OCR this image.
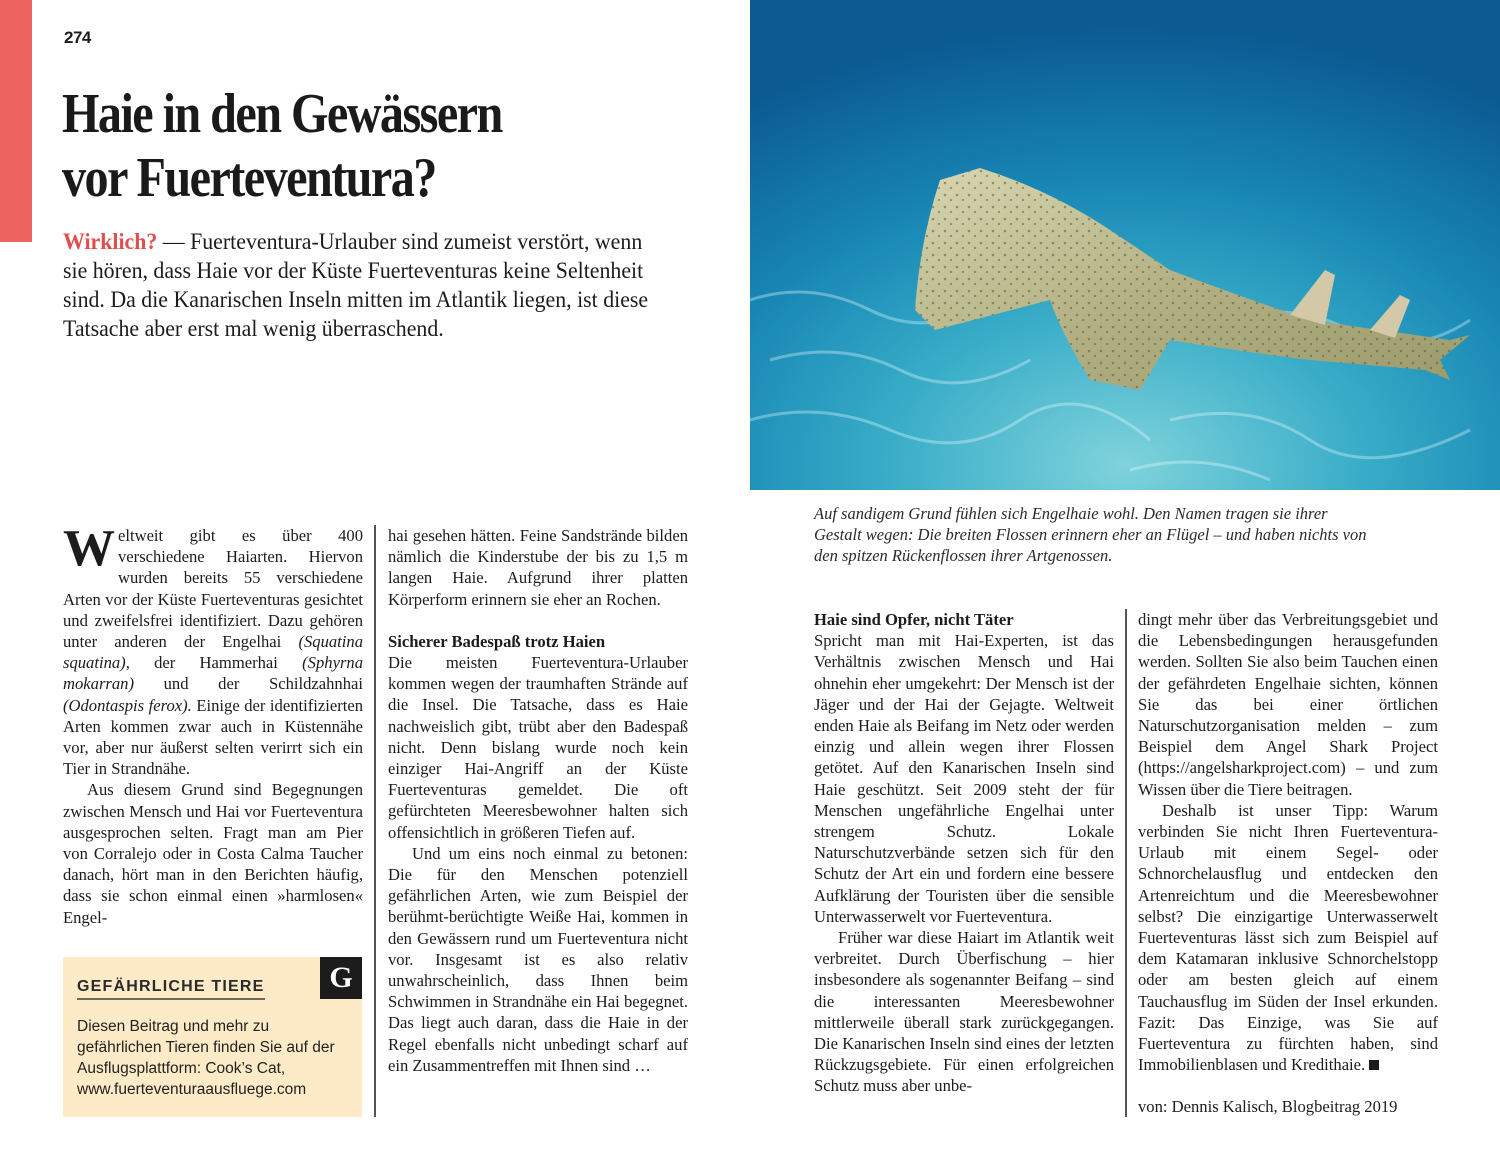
274
Haie in den Gewässern
vor Fuerteventura?

Wirklich? — Fuerteventura-Urlauber sind zumeist verstört, wenn sie hören, dass Haie vor der Küste Fuerteventuras keine Seltenheit sind. Da die Kanarischen Inseln mitten im Atlantik liegen, ist diese Tatsache aber erst mal wenig überraschend.

Auf sandigem Grund fühlen sich Engelhaie wohl. Den Namen tragen sie ihrer Gestalt wegen: Die breiten Flossen erinnern eher an Flügel – und haben nichts von den spitzen Rückenflossen ihrer Artgenossen.

Weltweit gibt es über 400 verschiedene Haiarten. Hiervon wurden bereits 55 verschiedene Arten vor der Küste Fuerteventuras gesichtet und zweifelsfrei identifiziert. Dazu gehören unter anderen der Engelhai (Squatina squatina), der Hammerhai (Sphyrna mokarran) und der Schildzahnhai (Odontaspis ferox). Einige der identifizierten Arten kommen zwar auch in Küstennähe vor, aber nur äußerst selten verirrt sich ein Tier in Strandnähe.

Aus diesem Grund sind Begegnungen zwischen Mensch und Hai vor Fuerteventura ausgesprochen selten. Fragt man am Pier von Corralejo oder in Costa Calma Taucher danach, hört man in den Berichten häufig, dass sie schon einmal einen »harmlosen« Engel-

G
GEFÄHRLICHE TIERE
Diesen Beitrag und mehr zu gefährlichen Tieren finden Sie auf der Ausflugsplattform: Cook’s Cat, www.fuerteventuraausfluege.com

hai gesehen hätten. Feine Sandstrände bilden nämlich die Kinderstube der bis zu 1,5 m langen Haie. Aufgrund ihrer platten Körperform erinnern sie eher an Rochen.

Sicherer Badespaß trotz Haien

Die meisten Fuerteventura-Urlauber kommen wegen der traumhaften Strände auf die Insel. Die Tatsache, dass es Haie nachweislich gibt, trübt aber den Badespaß nicht. Denn bislang wurde noch kein einziger Hai-Angriff an der Küste Fuerteventuras gemeldet. Die oft gefürchteten Meeresbewohner halten sich offensichtlich in größeren Tiefen auf.

Und um eins noch einmal zu betonen: Die für den Menschen potenziell gefährlichen Arten, wie zum Beispiel der berühmt-berüchtigte Weiße Hai, kommen in den Gewässern rund um Fuerteventura nicht vor. Insgesamt ist es also relativ unwahrscheinlich, dass Ihnen beim Schwimmen in Strandnähe ein Hai begegnet. Das liegt auch daran, dass die Haie in der Regel ebenfalls nicht unbedingt scharf auf ein Zusammentreffen mit Ihnen sind …

Haie sind Opfer, nicht Täter

Spricht man mit Hai-Experten, ist das Verhältnis zwischen Mensch und Hai ohnehin eher umgekehrt: Der Mensch ist der Jäger und der Hai der Gejagte. Weltweit enden Haie als Beifang im Netz oder werden einzig und allein wegen ihrer Flossen getötet. Auf den Kanarischen Inseln sind Haie geschützt. Seit 2009 steht der für Menschen ungefährliche Engelhai unter strengem Schutz. Lokale Naturschutzverbände setzen sich für den Schutz der Art ein und fordern eine bessere Aufklärung der Touristen über die sensible Unterwasserwelt vor Fuerteventura.

Früher war diese Haiart im Atlantik weit verbreitet. Durch Überfischung – hier insbesondere als sogenannter Beifang – sind die interessanten Meeresbewohner mittlerweile überall stark zurückgegangen. Die Kanarischen Inseln sind eines der letzten Rückzugsgebiete. Für einen erfolgreichen Schutz muss aber unbe-

dingt mehr über das Verbreitungsgebiet und die Lebensbedingungen herausgefunden werden. Sollten Sie also beim Tauchen einen der gefährdeten Engelhaie sichten, können Sie das bei einer örtlichen Naturschutzorganisation melden – zum Beispiel dem Angel Shark Project (https://angelsharkproject.com) – und zum Wissen über die Tiere beitragen.

Deshalb ist unser Tipp: Warum verbinden Sie nicht Ihren Fuerteventura-Urlaub mit einem Segel- oder Schnorchelausflug und entdecken den Artenreichtum und die Meeresbewohner selbst? Die einzigartige Unterwasserwelt Fuerteventuras lässt sich zum Beispiel auf dem Katamaran inklusive Schnorchelstopp oder am besten gleich auf einem Tauchausflug im Süden der Insel erkunden. Fazit: Das Einzige, was Sie auf Fuerteventura zu fürchten haben, sind Immobilienblasen und Kredithaie.

von: Dennis Kalisch, Blogbeitrag 2019
